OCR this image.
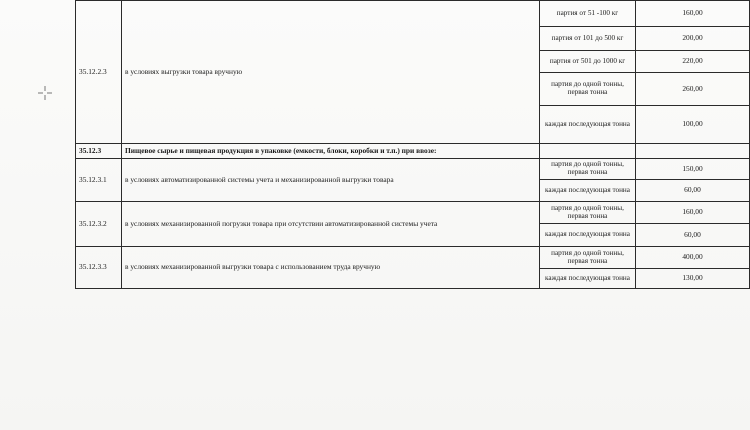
35.12.2.3	в условиях выгрузки товара вручную	партия от 51 -100 кг	160,00
		партия от 101 до 500 кг	200,00
		партия от 501 до 1000 кг	220,00
		партия до одной тонны, первая тонна	260,00
		каждая последующая тонна	100,00
35.12.3	Пищевое сырье и пищевая продукция в упаковке (емкости, блоки, коробки и т.п.) при ввозе:		
35.12.3.1	в условиях автоматизированной системы учета и механизированной выгрузки товара	партия до одной тонны, первая тонна	150,00
		каждая последующая тонна	60,00
35.12.3.2	в условиях механизированной погрузки товара при отсутствии автоматизированной системы учета	партия до одной тонны, первая тонна	160,00
		каждая последующая тонна	60,00
35.12.3.3	в условиях механизированной выгрузки товара с использованием труда вручную	партия до одной тонны, первая тонна	400,00
		каждая последующая тонна	130,00
